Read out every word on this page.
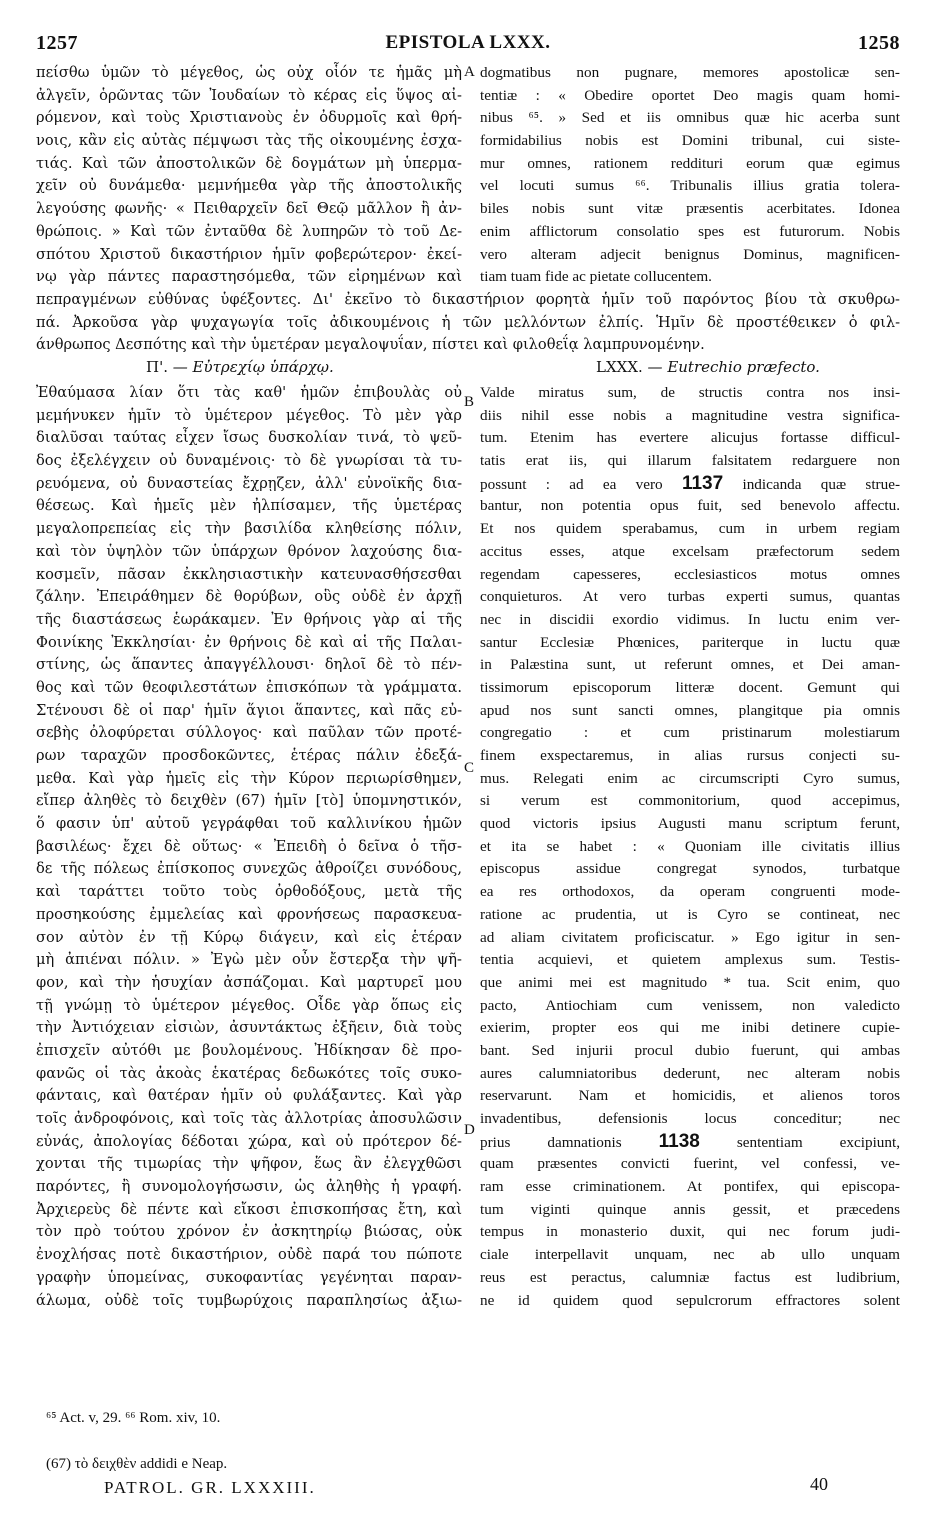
1257	EPISTOLA LXXX.	1258
πείσθω ὑμῶν τὸ μέγεθος, ὡς οὐχ οἷόν τε ἡμᾶς μὴ
ἀλγεῖν, ὁρῶντας τῶν Ἰουδαίων τὸ κέρας εἰς ὕψος αἰ-
ρόμενον, καὶ τοὺς Χριστιανοὺς ἐν ὀδυρμοῖς καὶ θρή-
νοις, κἂν εἰς αὐτὰς πέμψωσι τὰς τῆς οἰκουμένης ἐσχα-
τιάς. Καὶ τῶν ἀποστολικῶν δὲ δογμάτων μὴ ὑπερμα-
χεῖν οὐ δυνάμεθα· μεμνήμεθα γὰρ τῆς ἀποστολικῆς
λεγούσης φωνῆς· « Πειθαρχεῖν δεῖ Θεῷ μᾶλλον ἢ ἀν-
θρώποις. » Καὶ τῶν ἐνταῦθα δὲ λυπηρῶν τὸ τοῦ Δε-
σπότου Χριστοῦ δικαστήριον ἡμῖν φοβερώτερον· ἐκεί-
νῳ γὰρ πάντες παραστησόμεθα, τῶν εἰρημένων καὶ
dogmatibus non pugnare, memores apostolicæ sen-
tentiæ : « Obedire oportet Deo magis quam homi-
nibus ⁶⁵. » Sed et iis omnibus quæ hic acerba sunt
formidabilius nobis est Domini tribunal, cui siste-
mur omnes, rationem reddituri eorum quæ egimus
vel locuti sumus ⁶⁶. Tribunalis illius gratia tolera-
biles nobis sunt vitæ præsentis acerbitates. Idonea
enim afflictorum consolatio spes est futurorum. Nobis
vero alteram adjecit benignus Dominus, magnificen-
tiam tuam fide ac pietate collucentem.
A
πεπραγμένων εὐθύνας ὑφέξοντες. Δι' ἐκεῖνο τὸ δικαστήριον φορητὰ ἡμῖν τοῦ παρόντος βίου τὰ σκυθρω-
πά. Ἀρκοῦσα γὰρ ψυχαγωγία τοῖς ἀδικουμένοις ἡ τῶν μελλόντων ἐλπίς. Ἡμῖν δὲ προστέθεικεν ὁ φιλ-
άνθρωπος Δεσπότης καὶ τὴν ὑμετέραν μεγαλοψυΐαν, πίστει καὶ φιλοθεΐᾳ λαμπρυνομένην.
Π'. — Εὐτρεχίῳ ὑπάρχῳ.	LXXX. — Eutrechio præfecto.
Ἐθαύμασα λίαν ὅτι τὰς καθ' ἡμῶν ἐπιβουλὰς οὐ
μεμήνυκεν ἡμῖν τὸ ὑμέτερον μέγεθος. Τὸ μὲν γὰρ
διαλῦσαι ταύτας εἶχεν ἴσως δυσκολίαν τινά, τὸ ψεῦ-
δος ἐξελέγχειν οὐ δυναμένοις· τὸ δὲ γνωρίσαι τὰ τυ-
ρευόμενα, οὐ δυναστείας ἔχρῃζεν, ἀλλ' εὐνοϊκῆς δια-
θέσεως. Καὶ ἡμεῖς μὲν ἠλπίσαμεν, τῆς ὑμετέρας
μεγαλοπρεπείας εἰς τὴν βασιλίδα κληθείσης πόλιν,
καὶ τὸν ὑψηλὸν τῶν ὑπάρχων θρόνον λαχούσης δια-
κοσμεῖν, πᾶσαν ἐκκλησιαστικὴν κατευνασθήσεσθαι
ζάλην. Ἐπειράθημεν δὲ θορύβων, οὓς οὐδὲ ἐν ἀρχῇ
τῆς διαστάσεως ἑωράκαμεν. Ἐν θρήνοις γὰρ αἱ τῆς
Φοινίκης Ἐκκλησίαι· ἐν θρήνοις δὲ καὶ αἱ τῆς Παλαι-
στίνης, ὡς ἅπαντες ἀπαγγέλλουσι· δηλοῖ δὲ τὸ πέν-
θος καὶ τῶν θεοφιλεστάτων ἐπισκόπων τὰ γράμματα.
Στένουσι δὲ οἱ παρ' ἡμῖν ἅγιοι ἅπαντες, καὶ πᾶς εὐ-
σεβὴς ὀλοφύρεται σύλλογος· καὶ παῦλαν τῶν προτέ-
ρων ταραχῶν προσδοκῶντες, ἑτέρας πάλιν ἐδεξά-
μεθα. Καὶ γὰρ ἡμεῖς εἰς τὴν Κύρον περιωρίσθημεν,
εἴπερ ἀληθὲς τὸ δειχθὲν (67) ἡμῖν [τὸ] ὑπομνηστικόν,
ὅ φασιν ὑπ' αὐτοῦ γεγράφθαι τοῦ καλλινίκου ἡμῶν
βασιλέως· ἔχει δὲ οὕτως· « Ἐπειδὴ ὁ δεῖνα ὁ τῆσ-
δε τῆς πόλεως ἐπίσκοπος συνεχῶς ἀθροίζει συνόδους,
καὶ ταράττει τοῦτο τοὺς ὀρθοδόξους, μετὰ τῆς
προσηκούσης ἐμμελείας καὶ φρονήσεως παρασκευα-
σον αὐτὸν ἐν τῇ Κύρῳ διάγειν, καὶ εἰς ἑτέραν
μὴ ἀπιέναι πόλιν. » Ἐγὼ μὲν οὖν ἔστερξα τὴν ψῆ-
φον, καὶ τὴν ἡσυχίαν ἀσπάζομαι. Καὶ μαρτυρεῖ μου
τῇ γνώμῃ τὸ ὑμέτερον μέγεθος. Οἶδε γὰρ ὅπως εἰς
τὴν Ἀντιόχειαν εἰσιὼν, ἀσυντάκτως ἐξῆειν, διὰ τοὺς
ἐπισχεῖν αὐτόθι με βουλομένους. Ἠδίκησαν δὲ προ-
φανῶς οἱ τὰς ἀκοὰς ἑκατέρας δεδωκότες τοῖς συκο-
φάνταις, καὶ θατέραν ἡμῖν οὐ φυλάξαντες. Καὶ γὰρ
τοῖς ἀνδροφόνοις, καὶ τοῖς τὰς ἀλλοτρίας ἀποσυλῶσιν
εὐνάς, ἀπολογίας δέδοται χώρα, καὶ οὐ πρότερον δέ-
χονται τῆς τιμωρίας τὴν ψῆφον, ἕως ἂν ἐλεγχθῶσι
παρόντες, ἢ συνομολογήσωσιν, ὡς ἀληθὴς ἡ γραφή.
Ἀρχιερεὺς δὲ πέντε καὶ εἴκοσι ἐπισκοπήσας ἔτη, καὶ
τὸν πρὸ τούτου χρόνον ἐν ἀσκητηρίῳ βιώσας, οὐκ
ἐνοχλήσας ποτὲ δικαστήριον, οὐδὲ παρά του πώποτε
γραφὴν ὑπομείνας, συκοφαντίας γεγένηται παραν-
άλωμα, οὐδὲ τοῖς τυμβωρύχοις παραπλησίως ἀξιω-
Valde miratus sum, de structis contra nos insi-
diis nihil esse nobis a magnitudine vestra significa-
tum. Etenim has evertere alicujus fortasse difficul-
tatis erat iis, qui illarum falsitatem redarguere non
possunt : ad ea vero 1137 indicanda quæ strue-
bantur, non potentia opus fuit, sed benevolo affectu.
Et nos quidem sperabamus, cum in urbem regiam
accitus esses, atque excelsam præfectorum sedem
regendam capesseres, ecclesiasticos motus omnes
conquieturos. At vero turbas experti sumus, quantas
nec in discidii exordio vidimus. In luctu enim ver-
santur Ecclesiæ Phœnices, pariterque in luctu quæ
in Palæstina sunt, ut referunt omnes, et Dei aman-
tissimorum episcoporum litteræ docent. Gemunt qui
apud nos sunt sancti omnes, plangitque pia omnis
congregatio : et cum pristinarum molestiarum
finem exspectaremus, in alias rursus conjecti su-
mus. Relegati enim ac circumscripti Cyro sumus,
si verum est commonitorium, quod accepimus,
quod victoris ipsius Augusti manu scriptum ferunt,
et ita se habet : « Quoniam ille civitatis illius
episcopus assidue congregat synodos, turbatque
ea res orthodoxos, da operam congruenti mode-
ratione ac prudentia, ut is Cyro se contineat, nec
ad aliam civitatem proficiscatur. » Ego igitur in sen-
tentia acquievi, et quietem amplexus sum. Testis-
que animi mei est magnitudo * tua. Scit enim, quo
pacto, Antiochiam cum venissem, non valedicto
exierim, propter eos qui me inibi detinere cupie-
bant. Sed injurii procul dubio fuerunt, qui ambas
aures calumniatoribus dederunt, nec alteram nobis
reservarunt. Nam et homicidis, et alienos toros
invadentibus, defensionis locus conceditur; nec
prius damnationis 1138 sententiam excipiunt,
quam præsentes convicti fuerint, vel confessi, ve-
ram esse criminationem. At pontifex, qui episcopa-
tum viginti quinque annis gessit, et præcedens
tempus in monasterio duxit, qui nec forum judi-
ciale interpellavit unquam, nec ab ullo unquam
reus est peractus, calumniæ factus est ludibrium,
ne id quidem quod sepulcrorum effractores solent
B
C
D
⁶⁵ Act. v, 29. ⁶⁶ Rom. xiv, 10.
(67) τὸ δειχθὲν addidi e Neap.
PATROL. GR. LXXXIII.	40
